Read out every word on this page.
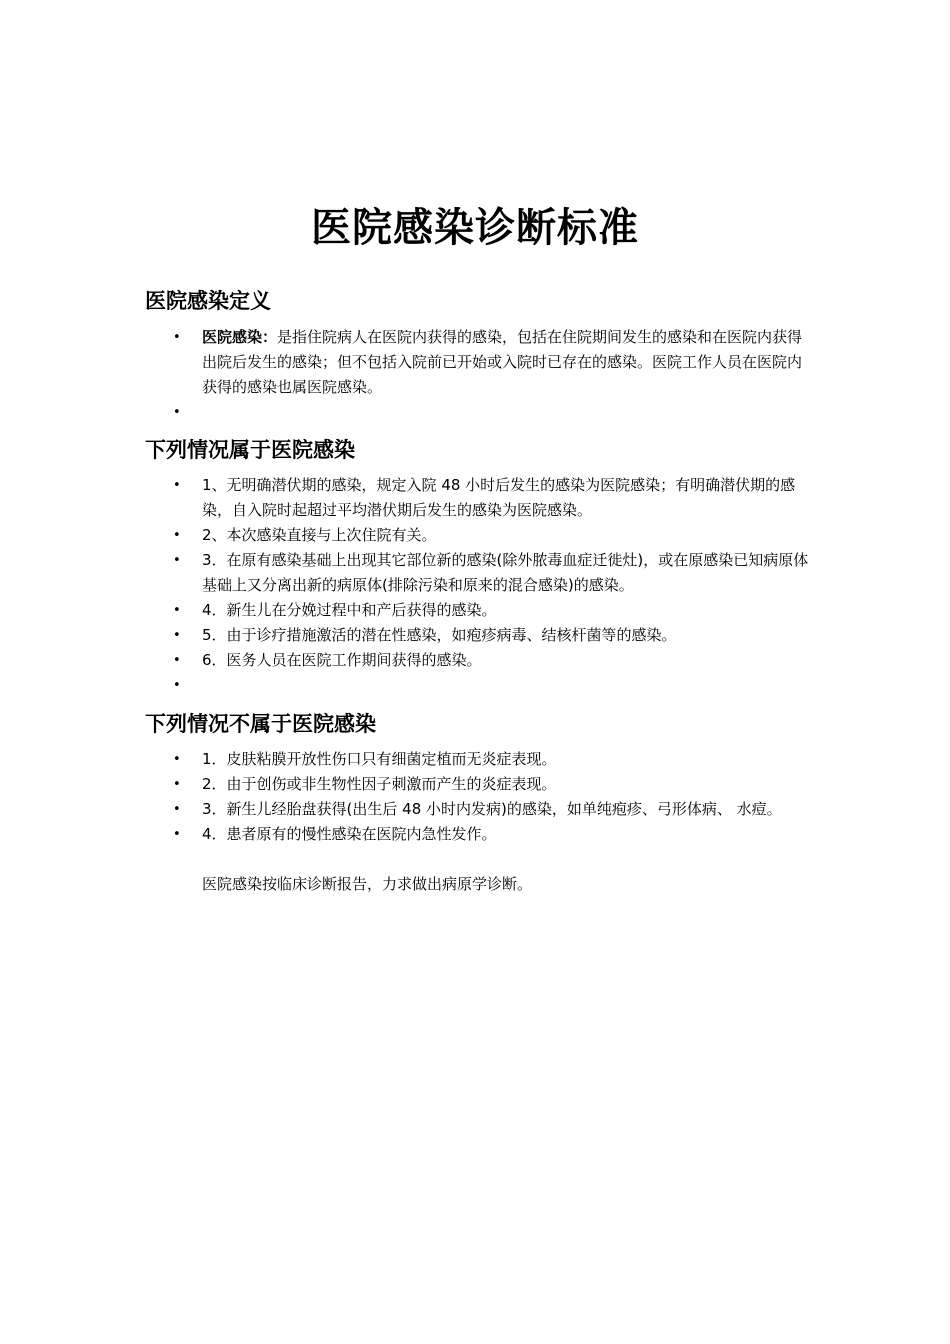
医院感染诊断标准
医院感染定义
• 医院感染：是指住院病人在医院内获得的感染，包括在住院期间发生的感染和在医院内获得出院后发生的感染；但不包括入院前已开始或入院时已存在的感染。医院工作人员在医院内获得的感染也属医院感染。
•
下列情况属于医院感染
• 1、无明确潜伏期的感染，规定入院 48 小时后发生的感染为医院感染；有明确潜伏期的感染，自入院时起超过平均潜伏期后发生的感染为医院感染。
• 2、本次感染直接与上次住院有关。
• 3．在原有感染基础上出现其它部位新的感染(除外脓毒血症迁徙灶)，或在原感染已知病原体基础上又分离出新的病原体(排除污染和原来的混合感染)的感染。
• 4．新生儿在分娩过程中和产后获得的感染。
• 5．由于诊疗措施激活的潜在性感染，如疱疹病毒、结核杆菌等的感染。
• 6．医务人员在医院工作期间获得的感染。
•
下列情况不属于医院感染
• 1．皮肤粘膜开放性伤口只有细菌定植而无炎症表现。
• 2．由于创伤或非生物性因子刺激而产生的炎症表现。
• 3．新生儿经胎盘获得(出生后 48 小时内发病)的感染，如单纯疱疹、弓形体病、 水痘。
• 4．患者原有的慢性感染在医院内急性发作。

医院感染按临床诊断报告，力求做出病原学诊断。
